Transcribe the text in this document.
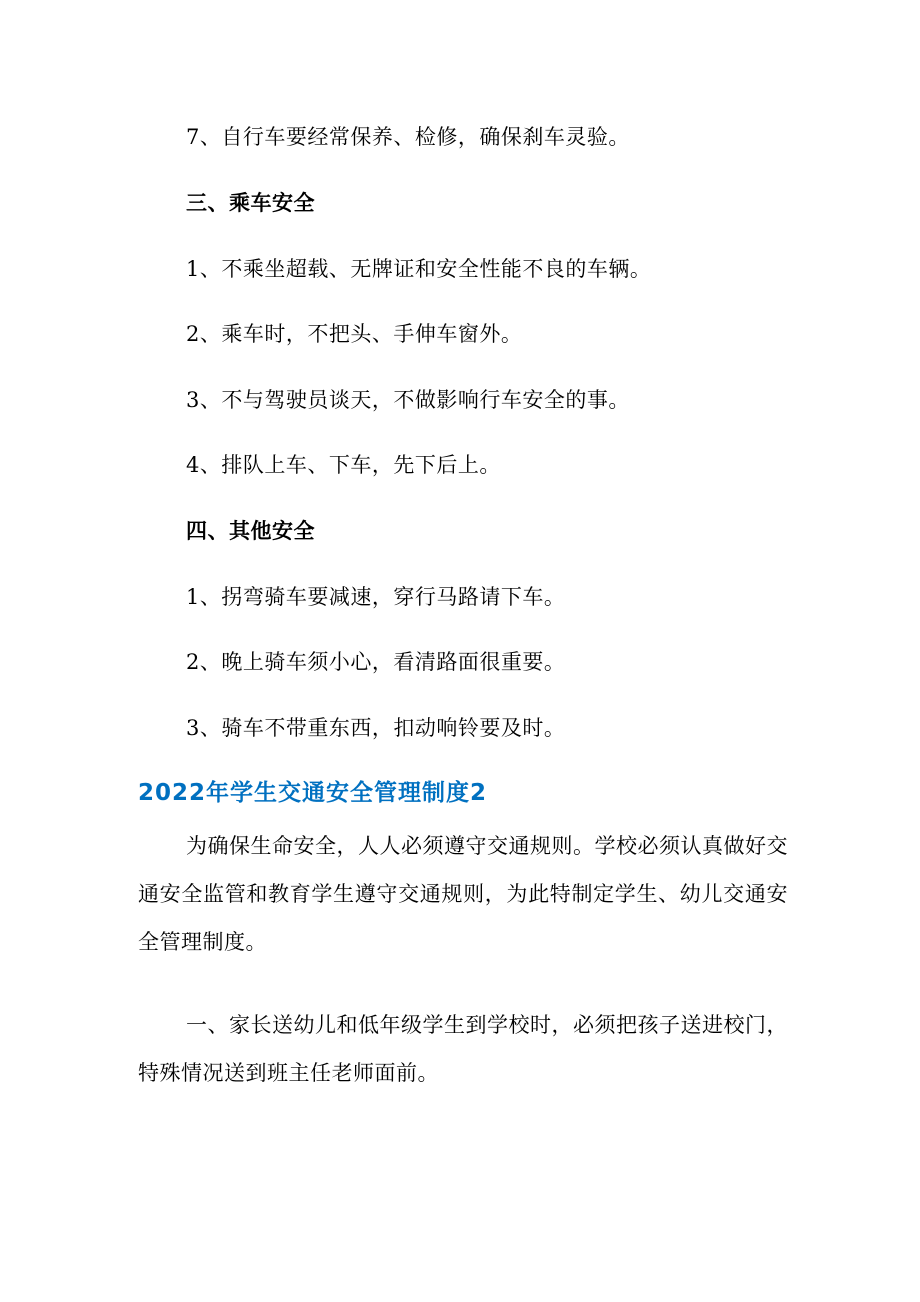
7、自行车要经常保养、检修，确保刹车灵验。
三、乘车安全
1、不乘坐超载、无牌证和安全性能不良的车辆。
2、乘车时，不把头、手伸车窗外。
3、不与驾驶员谈天，不做影响行车安全的事。
4、排队上车、下车，先下后上。
四、其他安全
1、拐弯骑车要减速，穿行马路请下车。
2、晚上骑车须小心，看清路面很重要。
3、骑车不带重东西，扣动响铃要及时。
2022年学生交通安全管理制度2

为确保生命安全，人人必须遵守交通规则。学校必须认真做好交通安全监管和教育学生遵守交通规则，为此特制定学生、幼儿交通安全管理制度。

一、家长送幼儿和低年级学生到学校时，必须把孩子送进校门，特殊情况送到班主任老师面前。
